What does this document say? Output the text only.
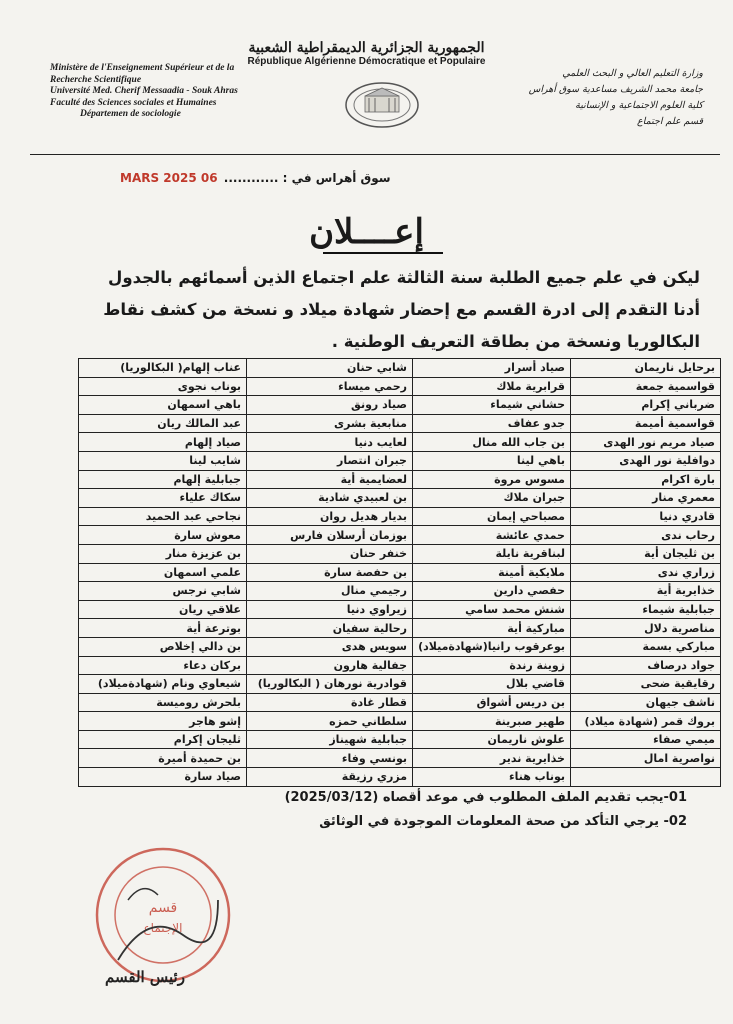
الجمهورية الجزائرية الديمقراطية الشعبية
République Algérienne Démocratique et Populaire
Ministère de l'Enseignement Supérieur et de la
Recherche Scientifique
Université Med. Cherif Messaadia - Souk Ahras
Faculté des Sciences sociales et Humaines
Départemen de sociologie
وزارة التعليم العالي و البحث العلمي
جامعة محمد الشريف مساعدية سوق أهراس
كلية العلوم الاجتماعية و الإنسانية
قسم علم اجتماع
سوق أهراس في : ............ 06 MARS 2025
إعــــلان
ليكن في علم جميع الطلبة سنة الثالثة علم اجتماع الذين أسمائهم بالجدول أدنا التقدم إلى ادرة القسم مع إحضار شهادة ميلاد و نسخة من كشف نقاط البكالوريا ونسخة من بطاقة التعريف الوطنية .
برحايل ناريمان	صياد أسرار	شابي حنان	عناب إلهام( البكالوريا)
قواسمية جمعة	قرابرية ملاك	رحمي ميساء	بوناب نجوى
ضرباني إكرام	حشاني شيماء	صياد رونق	باهي اسمهان
قواسمية أميمة	جدو عفاف	منابعية بشرى	عبد المالك ريان
صياد مريم نور الهدى	بن جاب الله منال	لعايب دنيا	صياد إلهام
دوافلية نور الهدى	باهي لينا	جبران انتصار	شايب لينا
بارة اكرام	مسوس مروة	لعضايمية أية	جبابلية إلهام
معمري منار	جبران ملاك	بن لعبيدي شادية	سكاك علياء
قادري دنيا	مصباحي إيمان	بديار هديل روان	نجاحي عبد الحميد
رحاب ندى	حمدي عائشة	بوزمان أرسلان فارس	معوش سارة
بن ثليجان أية	لبناقرية نايلة	خنفر حنان	بن عزيزة منار
زراري ندى	ملايكية أمينة	بن حفصة سارة	علمي اسمهان
خذايرية أية	حفصي دارين	رجيمي منال	شابي نرجس
جبابلية شيماء	شنش محمد سامي	زيراوي دنيا	علاقي ريان
مناصرية دلال	مباركية أية	رحالية سفيان	بوترعة أية
مباركي بسمة	بوعرقوب رانيا(شهادةميلاد)	سويس هدى	بن دالي إخلاص
جواد درصاف	زوينة رندة	جفالية هارون	بركان دعاء
رقايقية ضحى	قاضي بلال	قوادرية نورهان ( البكالوريا)	شيعاوي ونام (شهادةميلاد)
ناشف جيهان	بن دريس أشواق	قطار غادة	بلحرش روميسة
بروك قمر (شهادة ميلاد)	طهير صبرينة	سلطاني حمزه	إشو هاجر
ميمي صفاء	علوش ناريمان	جبابلية شهيناز	ثليجان إكرام
نواصرية امال	خذايرية ندير	بونسي وفاء	بن حميدة أميرة
	بوناب هناء	مزري رزيقة	صياد سارة
01-يجب تقديم الملف المطلوب في موعد أقصاه (2025/03/12)
02- يرجي التأكد من صحة المعلومات الموجودة في الوثائق
قسم
الإجتماع
رئيس القسم
